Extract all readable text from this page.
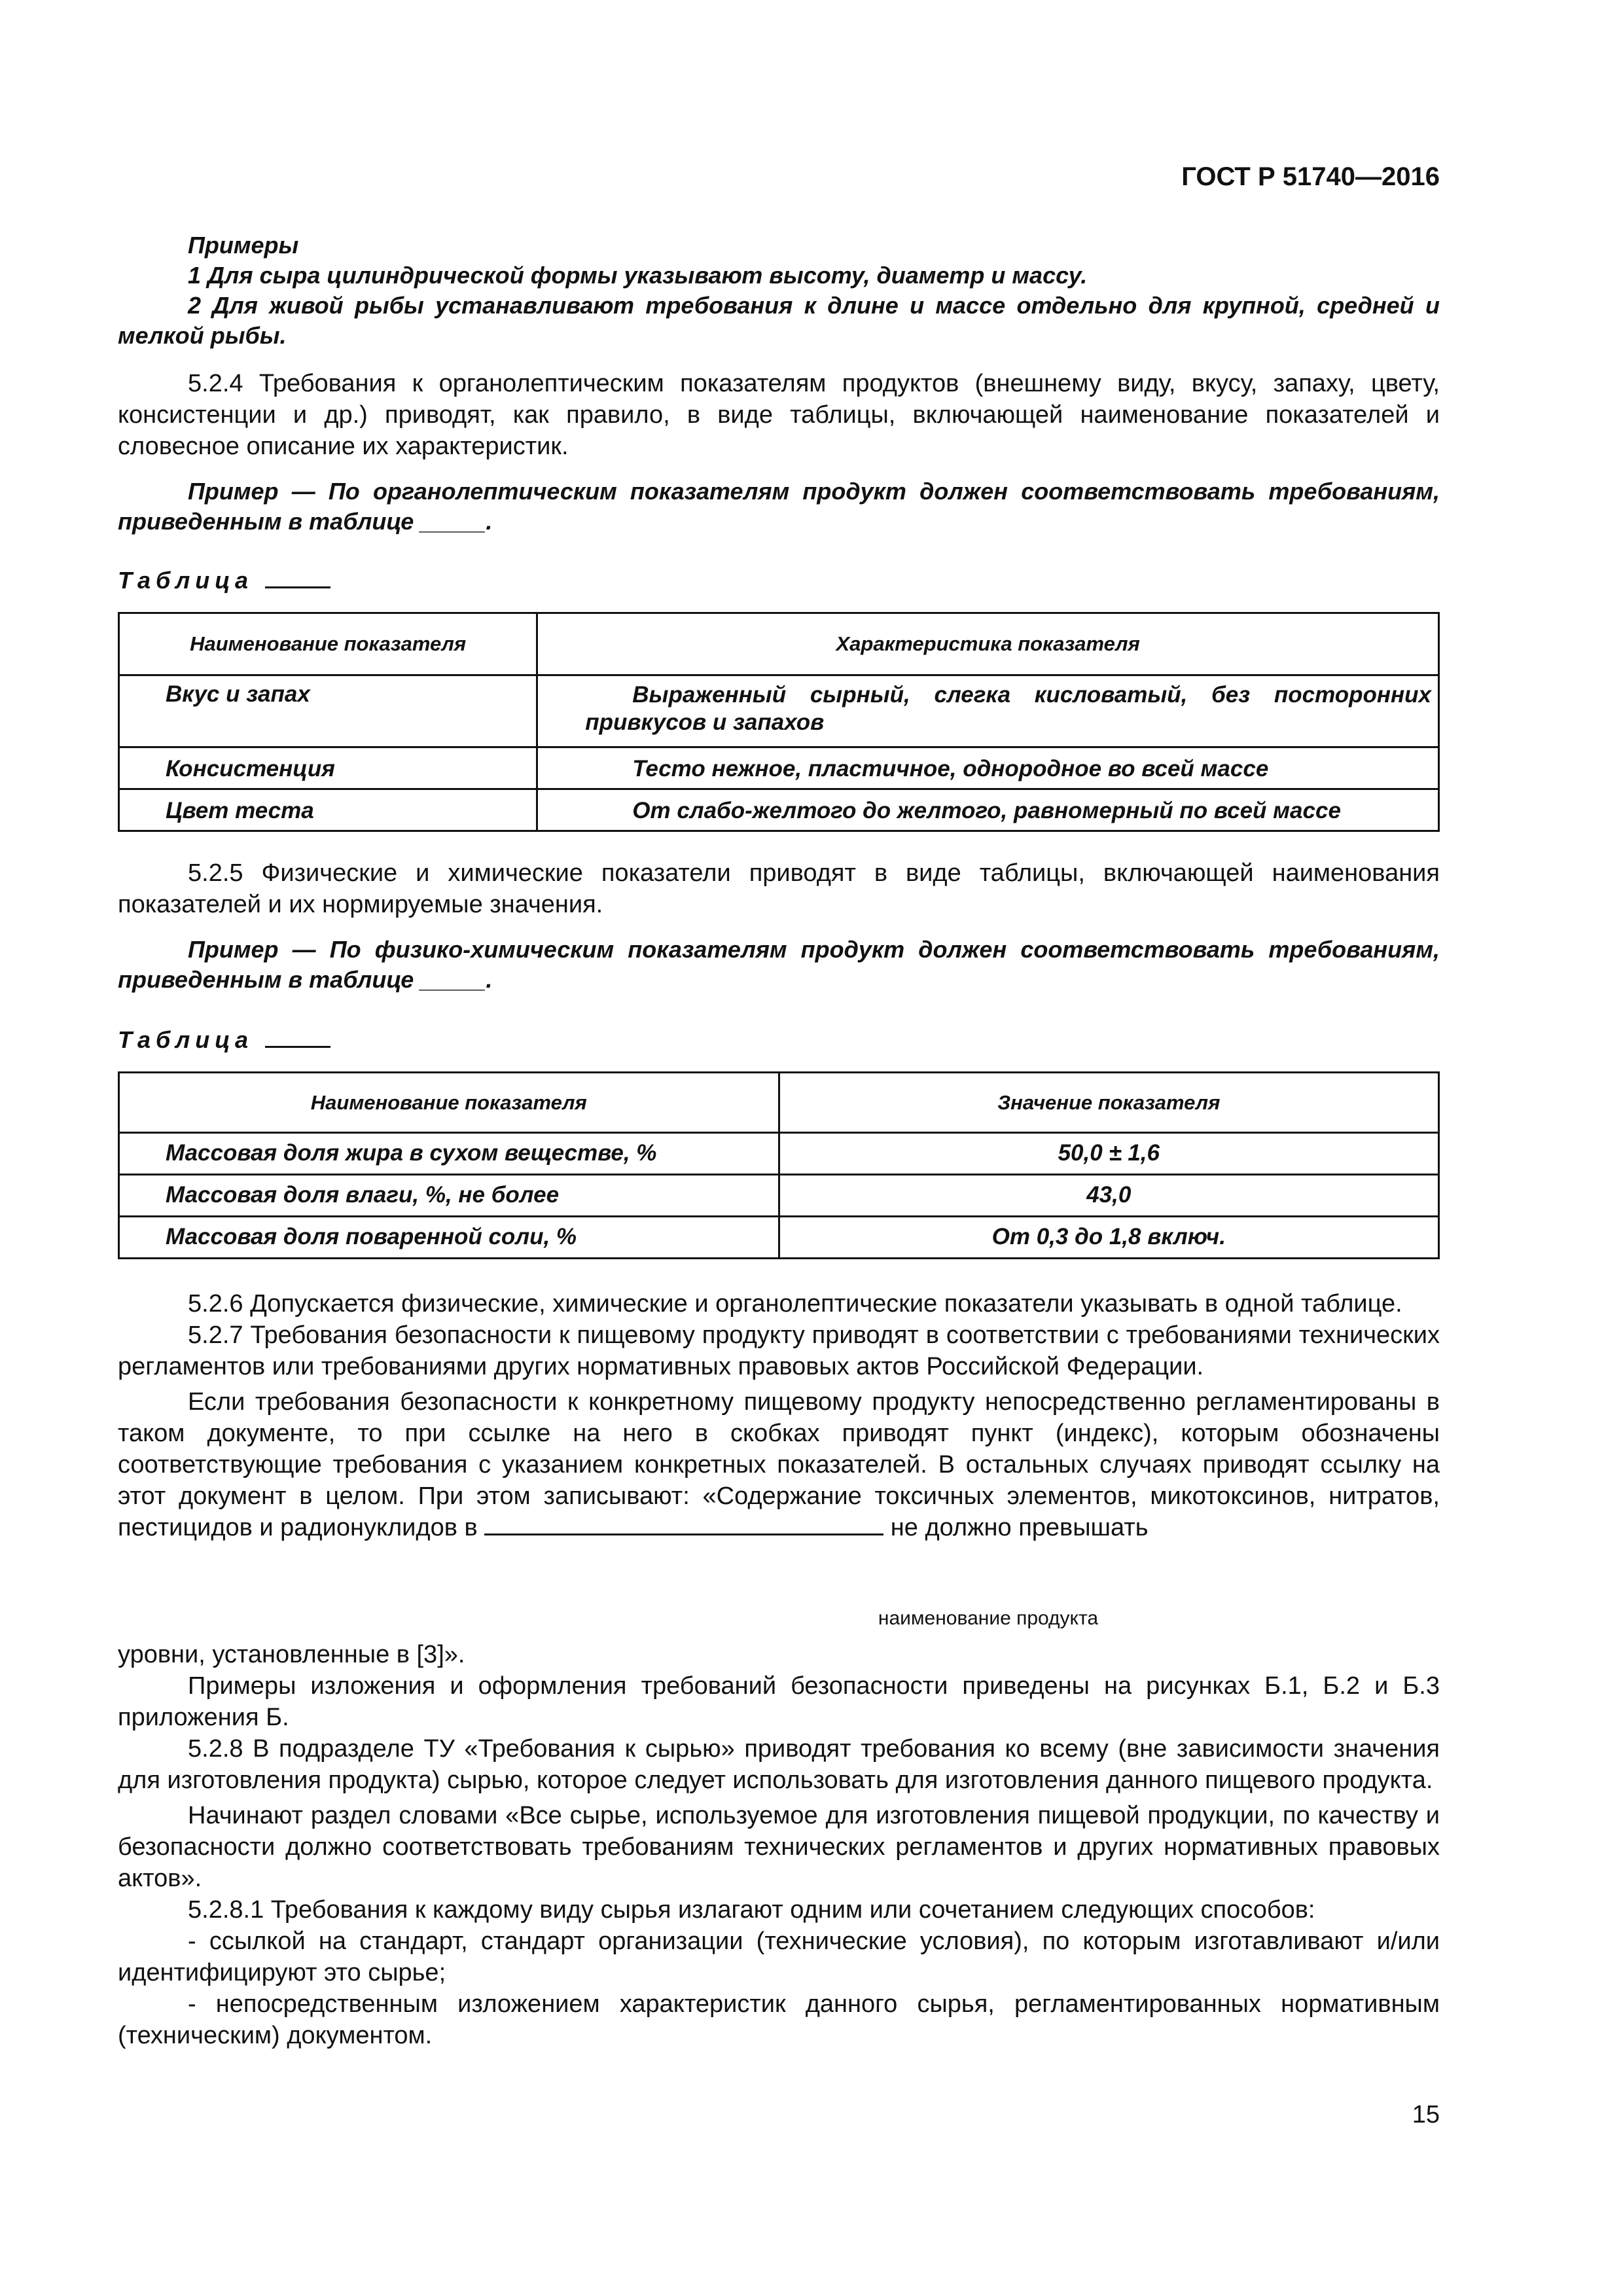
ГОСТ Р 51740—2016

Примеры

1 Для сыра цилиндрической формы указывают высоту, диаметр и массу.

2 Для живой рыбы устанавливают требования к длине и массе отдельно для крупной, средней и мелкой рыбы.

5.2.4 Требования к органолептическим показателям продуктов (внешнему виду, вкусу, запаху, цвету, консистенции и др.) приводят, как правило, в виде таблицы, включающей наименование показателей и словесное описание их характеристик.

Пример — По органолептическим показателям продукт должен соответствовать требованиям, приведенным в таблице _____.

Таблица
Наименование показателя	Характеристика показателя
Вкус и запах	Выраженный сырный, слегка кисловатый, без посторонних привкусов и запахов
Консистенция	Тесто нежное, пластичное, однородное во всей массе
Цвет теста	От слабо-желтого до желтого, равномерный по всей массе

5.2.5 Физические и химические показатели приводят в виде таблицы, включающей наименования показателей и их нормируемые значения.

Пример — По физико-химическим показателям продукт должен соответствовать требованиям, приведенным в таблице _____.

Таблица
Наименование показателя	Значение показателя
Массовая доля жира в сухом веществе, %	50,0 ± 1,6
Массовая доля влаги, %, не более	43,0
Массовая доля поваренной соли, %	От 0,3 до 1,8 включ.

5.2.6 Допускается физические, химические и органолептические показатели указывать в одной таблице.

5.2.7 Требования безопасности к пищевому продукту приводят в соответствии с требованиями технических регламентов или требованиями других нормативных правовых актов Российской Федерации.

Если требования безопасности к конкретному пищевому продукту непосредственно регламентированы в таком документе, то при ссылке на него в скобках приводят пункт (индекс), которым обозначены соответствующие требования с указанием конкретных показателей. В остальных случаях приводят ссылку на этот документ в целом. При этом записывают: «Содержание токсичных элементов, микотоксинов, нитратов, пестицидов и радионуклидов в	не должно превышать

наименование продукта

уровни, установленные в [3]».

Примеры изложения и оформления требований безопасности приведены на рисунках Б.1, Б.2 и Б.3 приложения Б.

5.2.8 В подразделе ТУ «Требования к сырью» приводят требования ко всему (вне зависимости значения для изготовления продукта) сырью, которое следует использовать для изготовления данного пищевого продукта.

Начинают раздел словами «Все сырье, используемое для изготовления пищевой продукции, по качеству и безопасности должно соответствовать требованиям технических регламентов и других нормативных правовых актов».

5.2.8.1 Требования к каждому виду сырья излагают одним или сочетанием следующих способов:

- ссылкой на стандарт, стандарт организации (технические условия), по которым изготавливают и/или идентифицируют это сырье;

- непосредственным изложением характеристик данного сырья, регламентированных нормативным (техническим) документом.

15
